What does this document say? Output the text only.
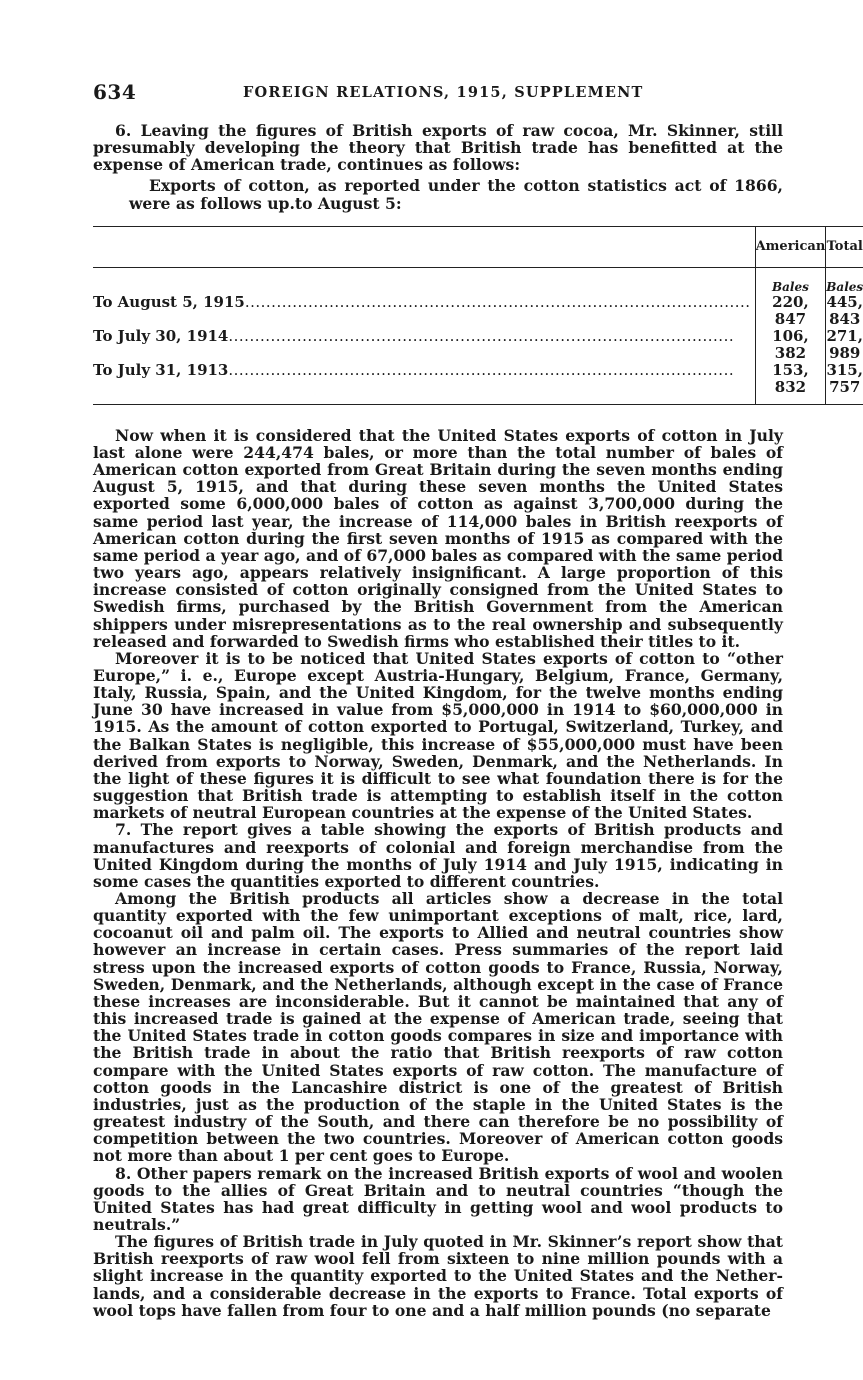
634	FOREIGN RELATIONS, 1915, SUPPLEMENT

6. Leaving the figures of British exports of raw cocoa, Mr. Skinner, still presumably developing the theory that British trade has benefitted at the expense of American trade, continues as follows:

Exports of cotton, as reported under the cotton statistics act of 1866, were as follows up.to August 5:

	American	Total
	Bales	Bales

To August 5, 1915 ................................................................................................	220, 847	445, 843

To July 30, 1914 ................................................................................................	106, 382	271, 989

To July 31, 1913 ................................................................................................	153, 832	315, 757

Now when it is considered that the United States exports of cotton in July last alone were 244,474 bales, or more than the total number of bales of American cotton exported from Great Britain during the seven months ending August 5, 1915, and that during these seven months the United States exported some 6,000,000 bales of cotton as against 3,700,000 during the same period last year, the increase of 114,000 bales in British reexports of American cotton during the first seven months of 1915 as compared with the same period a year ago, and of 67,000 bales as compared with the same period two years ago, appears relatively insignificant. A large proportion of this increase consisted of cotton originally consigned from the United States to Swedish firms, purchased by the British Government from the American shippers under misrepresentations as to the real ownership and subsequently released and forwarded to Swedish firms who established their titles to it.

Moreover it is to be noticed that United States exports of cotton to “other Europe,” i. e., Europe except Austria-Hungary, Belgium, France, Germany, Italy, Russia, Spain, and the United Kingdom, for the twelve months ending June 30 have increased in value from $5,000,000 in 1914 to $60,000,000 in 1915. As the amount of cotton exported to Portugal, Switzerland, Turkey, and the Balkan States is negligible, this increase of $55,000,000 must have been derived from exports to Norway, Sweden, Denmark, and the Netherlands. In the light of these figures it is difficult to see what foundation there is for the suggestion that British trade is attempting to establish itself in the cotton markets of neutral European countries at the expense of the United States.

7. The report gives a table showing the exports of British products and manufactures and reexports of colonial and foreign merchandise from the United Kingdom during the months of July 1914 and July 1915, indicating in some cases the quantities exported to different countries.

Among the British products all articles show a decrease in the total quantity exported with the few unimportant exceptions of malt, rice, lard, cocoanut oil and palm oil. The exports to Allied and neutral countries show however an increase in certain cases. Press summaries of the report laid stress upon the increased exports of cotton goods to France, Russia, Norway, Sweden, Denmark, and the Netherlands, although except in the case of France these increases are inconsiderable. But it cannot be maintained that any of this increased trade is gained at the expense of American trade, seeing that the United States trade in cotton goods compares in size and importance with the British trade in about the ratio that British reexports of raw cotton compare with the United States exports of raw cotton. The manufacture of cotton goods in the Lancashire district is one of the greatest of British industries, just as the production of the staple in the United States is the greatest industry of the South, and there can therefore be no possibility of competition between the two countries. Moreover of American cotton goods not more than about 1 per cent goes to Europe.

8. Other papers remark on the increased British exports of wool and woolen goods to the allies of Great Britain and to neutral countries “though the United States has had great difficulty in getting wool and wool products to neutrals.”

The figures of British trade in July quoted in Mr. Skinner’s report show that British reexports of raw wool fell from sixteen to nine million pounds with a slight increase in the quantity exported to the United States and the Netherlands, and a considerable decrease in the exports to France. Total exports of wool tops have fallen from four to one and a half million pounds (no separate
